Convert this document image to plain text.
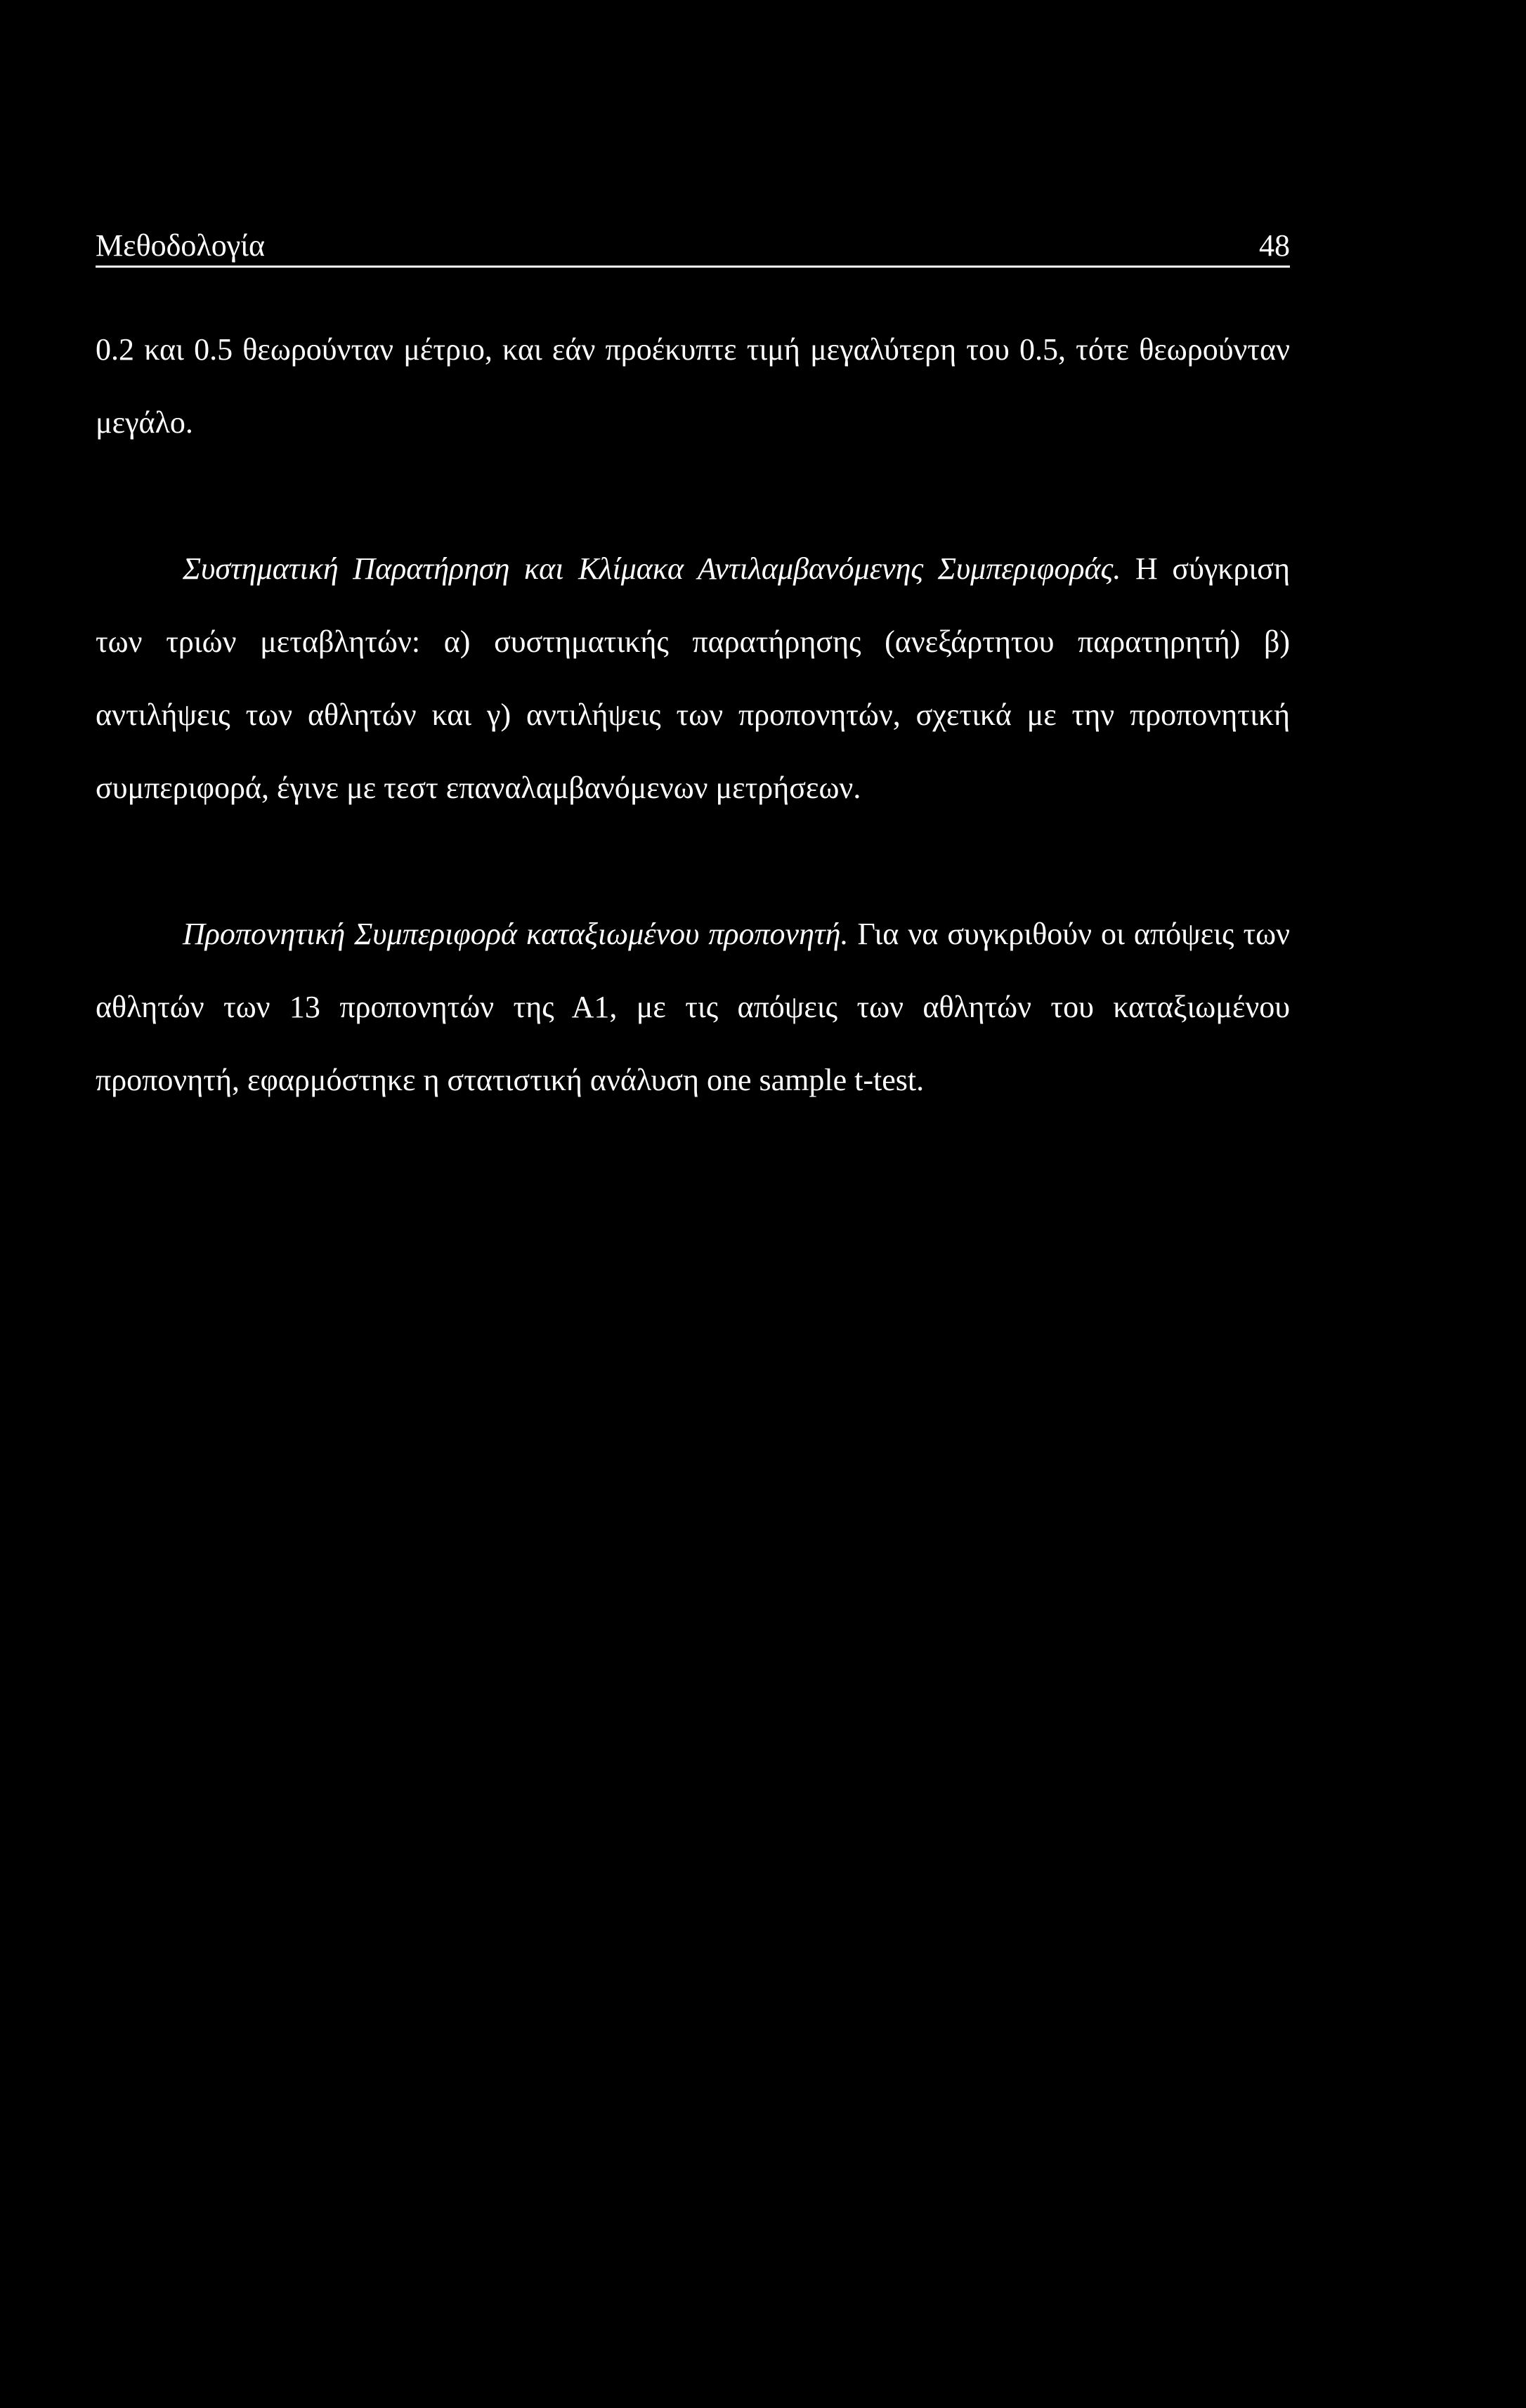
Μεθοδολογία	48

0.2 και 0.5 θεωρούνταν μέτριο, και εάν προέκυπτε τιμή μεγαλύτερη του 0.5, τότε θεωρούνταν μεγάλο.

Συστηματική Παρατήρηση και Κλίμακα Αντιλαμβανόμενης Συμπεριφοράς. Η σύγκριση των τριών μεταβλητών: α) συστηματικής παρατήρησης (ανεξάρτητου παρατηρητή) β) αντιλήψεις των αθλητών και γ) αντιλήψεις των προπονητών, σχετικά με την προπονητική συμπεριφορά, έγινε με τεστ επαναλαμβανόμενων μετρήσεων.

Προπονητική Συμπεριφορά καταξιωμένου προπονητή. Για να συγκριθούν οι απόψεις των αθλητών των 13 προπονητών της Α1, με τις απόψεις των αθλητών του καταξιωμένου προπονητή, εφαρμόστηκε η στατιστική ανάλυση one sample t-test.
